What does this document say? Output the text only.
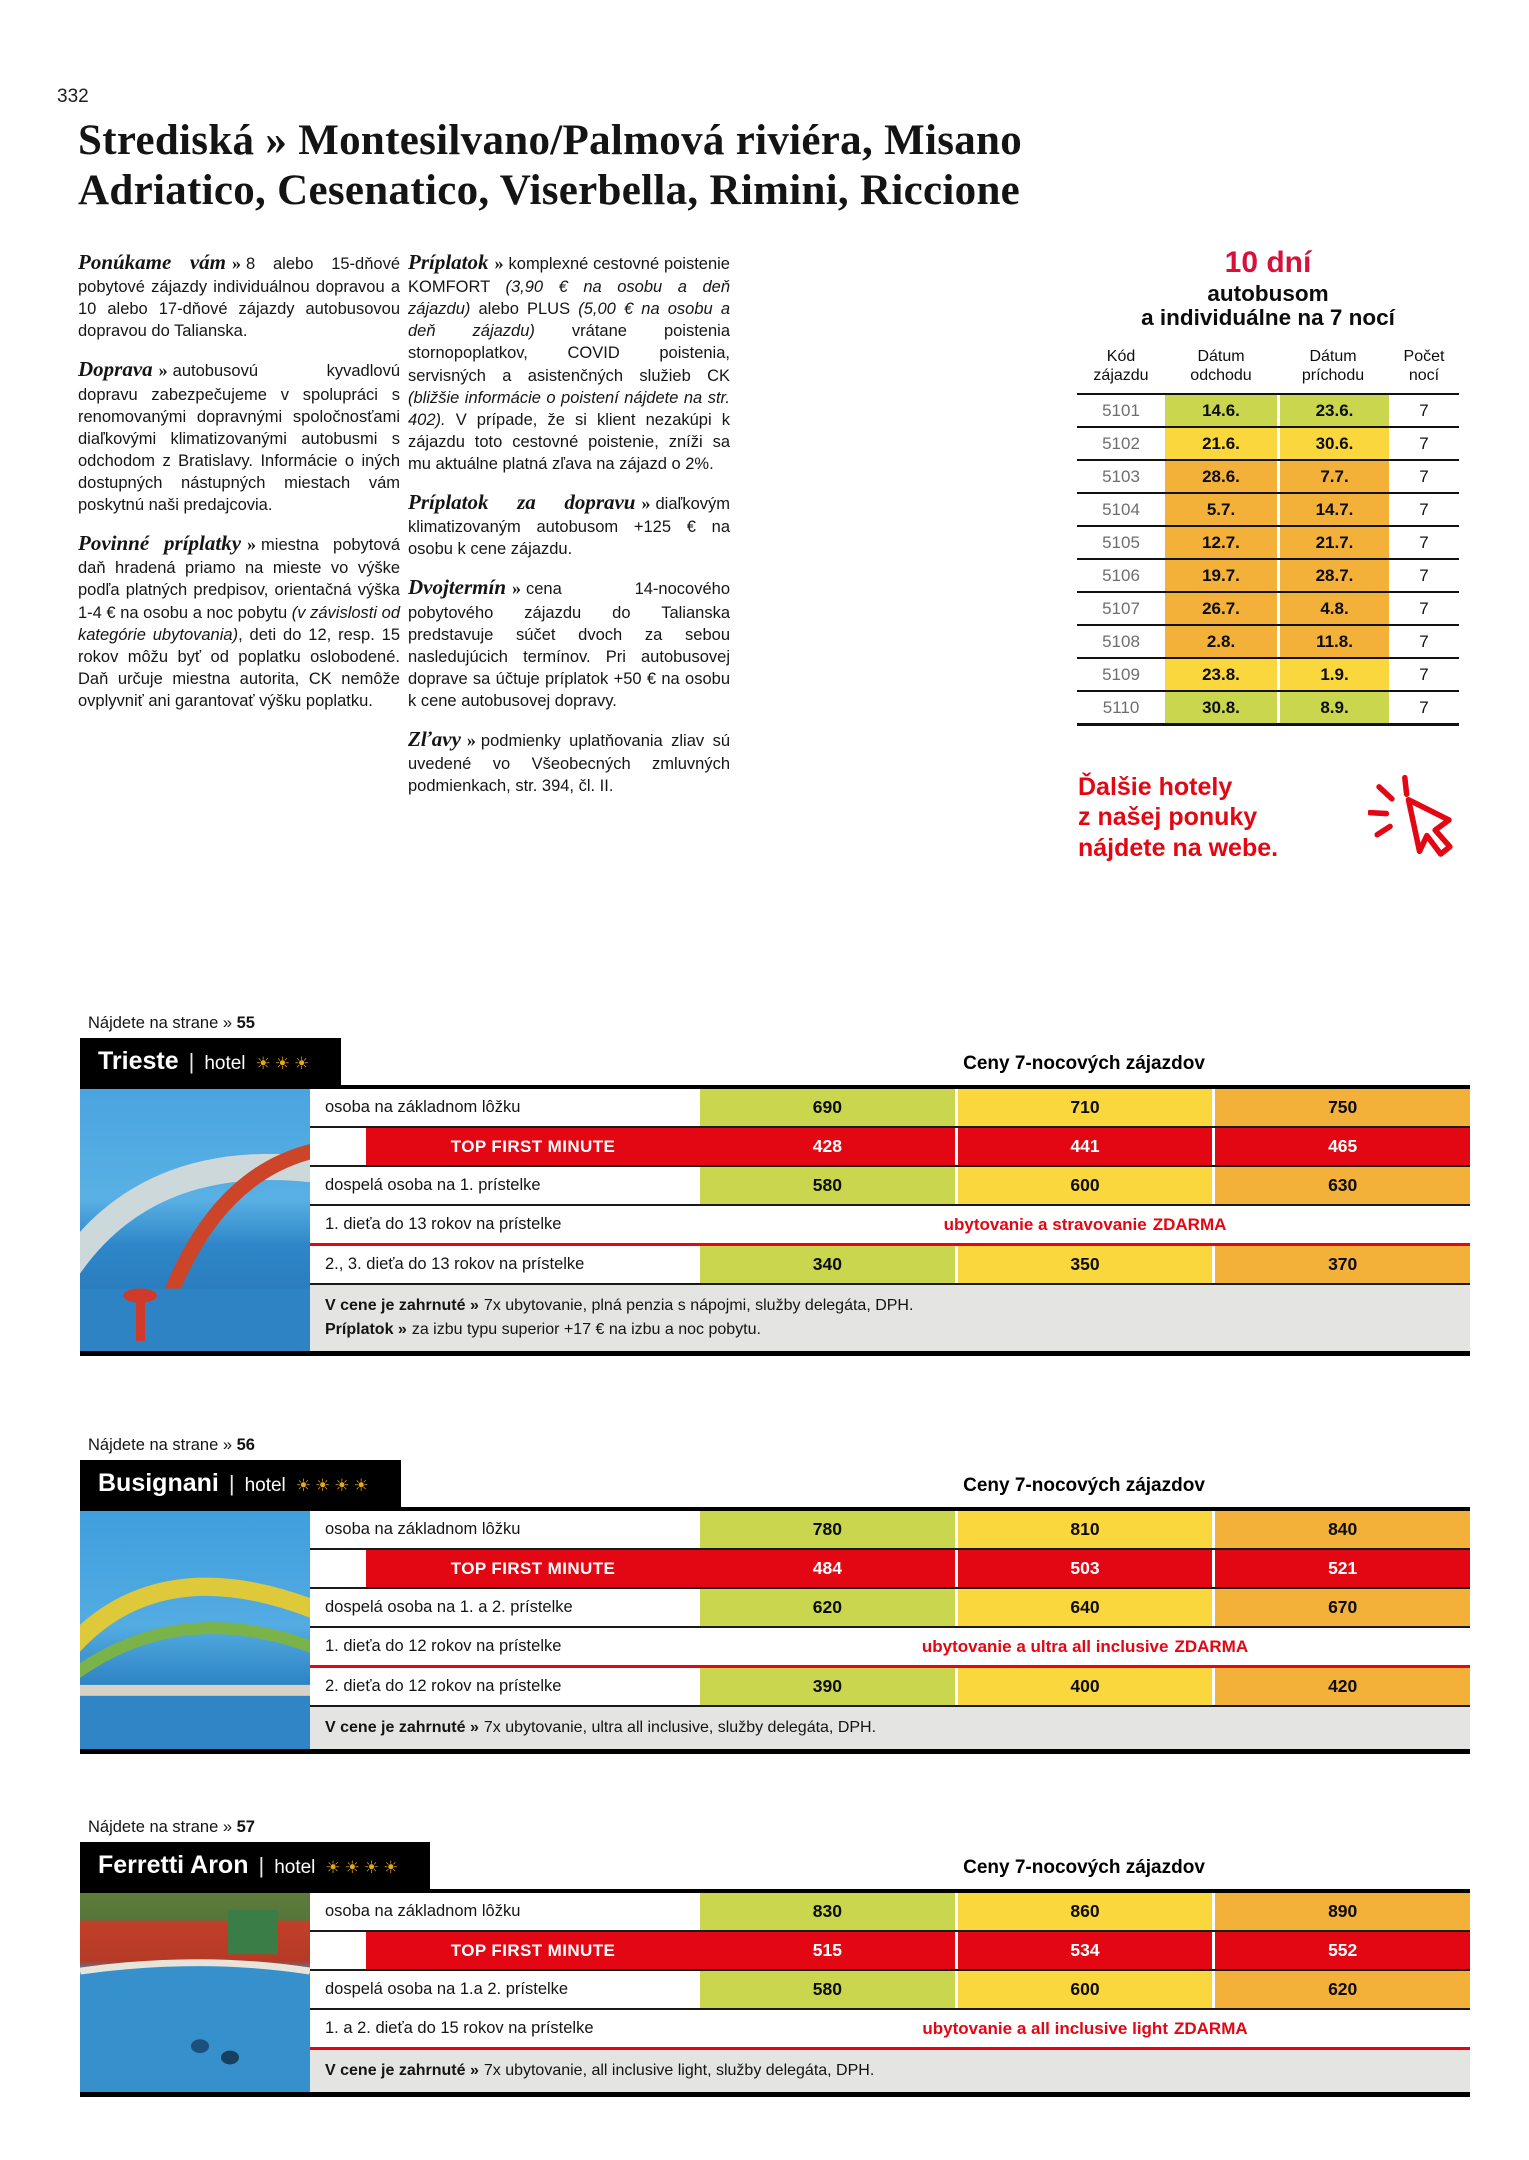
332
Strediská » Montesilvano/Palmová riviéra, Misano
Adriatico, Cesenatico, Viserbella, Rimini, Riccione

Ponúkame vám » 8 alebo 15-dňové pobytové zájazdy individuálnou dopravou a 10 alebo 17-dňové zájazdy autobusovou dopravou do Talianska.

Doprava » autobusovú kyvadlovú dopravu zabezpečujeme v spolupráci s renomovanými dopravnými spoločnosťami diaľkovými klimatizovanými autobusmi s odchodom z Bratislavy. Informácie o iných dostupných nástupných miestach vám poskytnú naši predajcovia.

Povinné príplatky » miestna pobytová daň hradená priamo na mieste vo výške podľa platných predpisov, orientačná výška 1-4 € na osobu a noc pobytu (v závislosti od kategórie ubytovania), deti do 12, resp. 15 rokov môžu byť od poplatku oslobodené. Daň určuje miestna autorita, CK nemôže ovplyvniť ani garantovať výšku poplatku.

Príplatok » komplexné cestovné poistenie KOMFORT (3,90 € na osobu a deň zájazdu) alebo PLUS (5,00 € na osobu a deň zájazdu) vrátane poistenia stornopoplatkov, COVID poistenia, servisných a asistenčných služieb CK (bližšie informácie o poistení nájdete na str. 402). V prípade, že si klient nezakúpi k zájazdu toto cestovné poistenie, zníži sa mu aktuálne platná zľava na zájazd o 2%.

Príplatok za dopravu » diaľkovým klimatizovaným autobusom +125 € na osobu k cene zájazdu.

Dvojtermín » cena 14-nocového pobytového zájazdu do Talianska predstavuje súčet dvoch za sebou nasledujúcich termínov. Pri autobusovej doprave sa účtuje príplatok +50 € na osobu k cene autobusovej dopravy.

Zľavy » podmienky uplatňovania zliav sú uvedené vo Všeobecných zmluvných podmienkach, str. 394, čl. II.

10 dní
autobusom
a individuálne na 7 nocí
Kód
zájazdu
Dátum
odchodu
Dátum
príchodu
Počet
nocí
5101	14.6.	23.6.	7
5102	21.6.	30.6.	7
5103	28.6.	7.7.	7
5104	5.7.	14.7.	7
5105	12.7.	21.7.	7
5106	19.7.	28.7.	7
5107	26.7.	4.8.	7
5108	2.8.	11.8.	7
5109	23.8.	1.9.	7
5110	30.8.	8.9.	7
Ďalšie hotely
z našej ponuky
nájdete na webe.
Nájdete na strane » 55
Trieste | hotel ☀☀☀	Ceny 7-nocových zájazdov
osoba na základnom lôžku	690	710	750
TOP FIRST MINUTE	428	441	465
dospelá osoba na 1. prístelke	580	600	630
1. dieťa do 13 rokov na prístelke	ubytovanie a stravovanie ZDARMA
2., 3. dieťa do 13 rokov na prístelke	340	350	370
V cene je zahrnuté » 7x ubytovanie, plná penzia s nápojmi, služby delegáta, DPH.
Príplatok » za izbu typu superior +17 € na izbu a noc pobytu.
Nájdete na strane » 56
Busignani | hotel ☀☀☀☀	Ceny 7-nocových zájazdov
osoba na základnom lôžku	780	810	840
TOP FIRST MINUTE	484	503	521
dospelá osoba na 1. a 2. prístelke	620	640	670
1. dieťa do 12 rokov na prístelke	ubytovanie a ultra all inclusive ZDARMA
2. dieťa do 12 rokov na prístelke	390	400	420
V cene je zahrnuté » 7x ubytovanie, ultra all inclusive, služby delegáta, DPH.
Nájdete na strane » 57
Ferretti Aron | hotel ☀☀☀☀	Ceny 7-nocových zájazdov
osoba na základnom lôžku	830	860	890
TOP FIRST MINUTE	515	534	552
dospelá osoba na 1.a 2. prístelke	580	600	620
1. a 2. dieťa do 15 rokov na prístelke	ubytovanie a all inclusive light ZDARMA
V cene je zahrnuté » 7x ubytovanie, all inclusive light, služby delegáta, DPH.
